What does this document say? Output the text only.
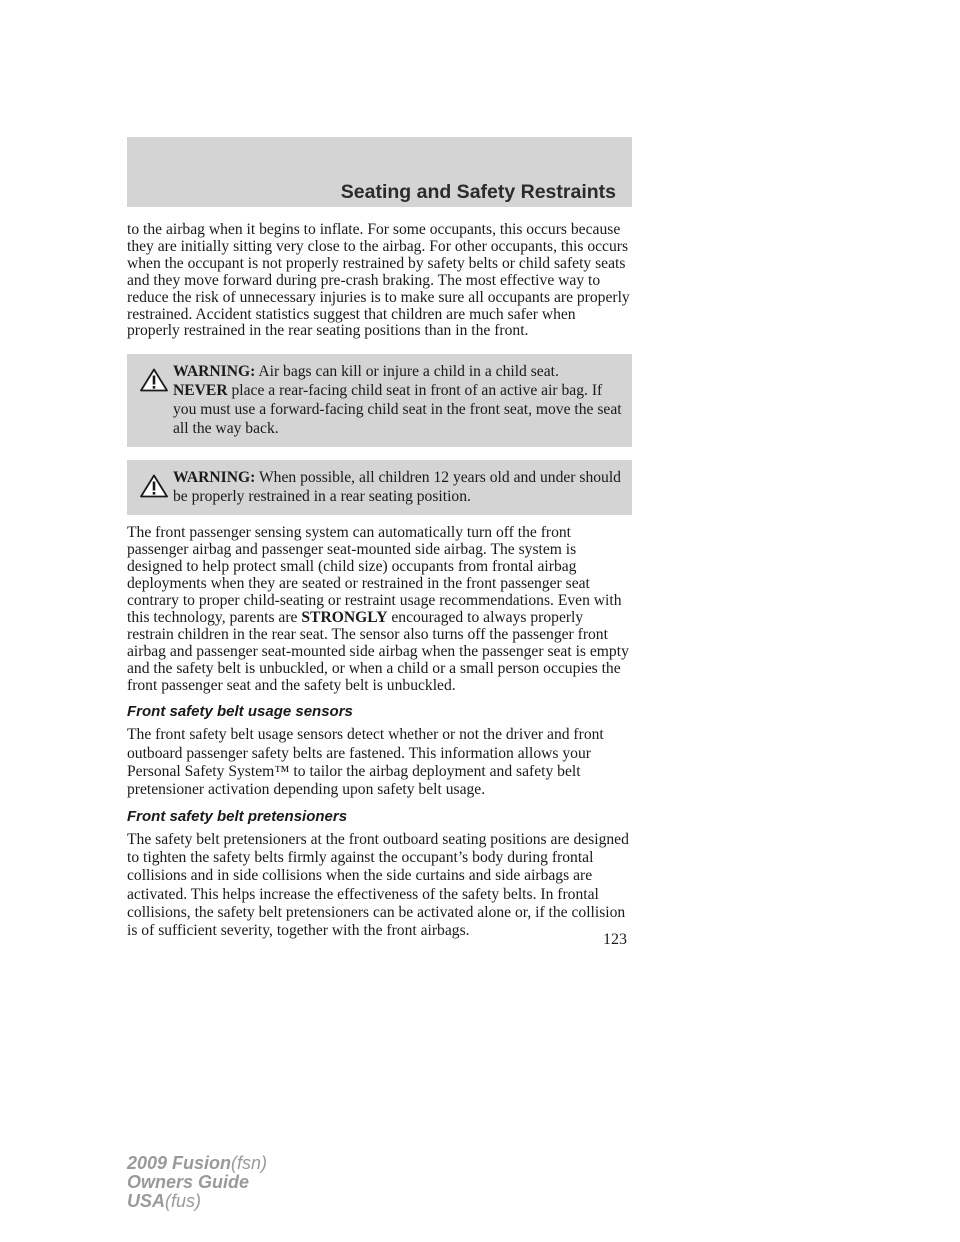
Seating and Safety Restraints

to the airbag when it begins to inflate. For some occupants, this occurs because they are initially sitting very close to the airbag. For other occupants, this occurs when the occupant is not properly restrained by safety belts or child safety seats and they move forward during pre-crash braking. The most effective way to reduce the risk of unnecessary injuries is to make sure all occupants are properly restrained. Accident statistics suggest that children are much safer when properly restrained in the rear seating positions than in the front.

WARNING: Air bags can kill or injure a child in a child seat.
NEVER place a rear-facing child seat in front of an active air bag. If you must use a forward-facing child seat in the front seat, move the seat all the way back.
WARNING: When possible, all children 12 years old and under should be properly restrained in a rear seating position.

The front passenger sensing system can automatically turn off the front passenger airbag and passenger seat-mounted side airbag. The system is designed to help protect small (child size) occupants from frontal airbag deployments when they are seated or restrained in the front passenger seat contrary to proper child-seating or restraint usage recommendations. Even with this technology, parents are STRONGLY encouraged to always properly restrain children in the rear seat. The sensor also turns off the passenger front airbag and passenger seat-mounted side airbag when the passenger seat is empty and the safety belt is unbuckled, or when a child or a small person occupies the front passenger seat and the safety belt is unbuckled.

Front safety belt usage sensors

The front safety belt usage sensors detect whether or not the driver and front outboard passenger safety belts are fastened. This information allows your Personal Safety System™ to tailor the airbag deployment and safety belt pretensioner activation depending upon safety belt usage.

Front safety belt pretensioners

The safety belt pretensioners at the front outboard seating positions are designed to tighten the safety belts firmly against the occupant’s body during frontal collisions and in side collisions when the side curtains and side airbags are activated. This helps increase the effectiveness of the safety belts. In frontal collisions, the safety belt pretensioners can be activated alone or, if the collision is of sufficient severity, together with the front airbags.

123
2009 Fusion(fsn)
Owners Guide
USA(fus)
